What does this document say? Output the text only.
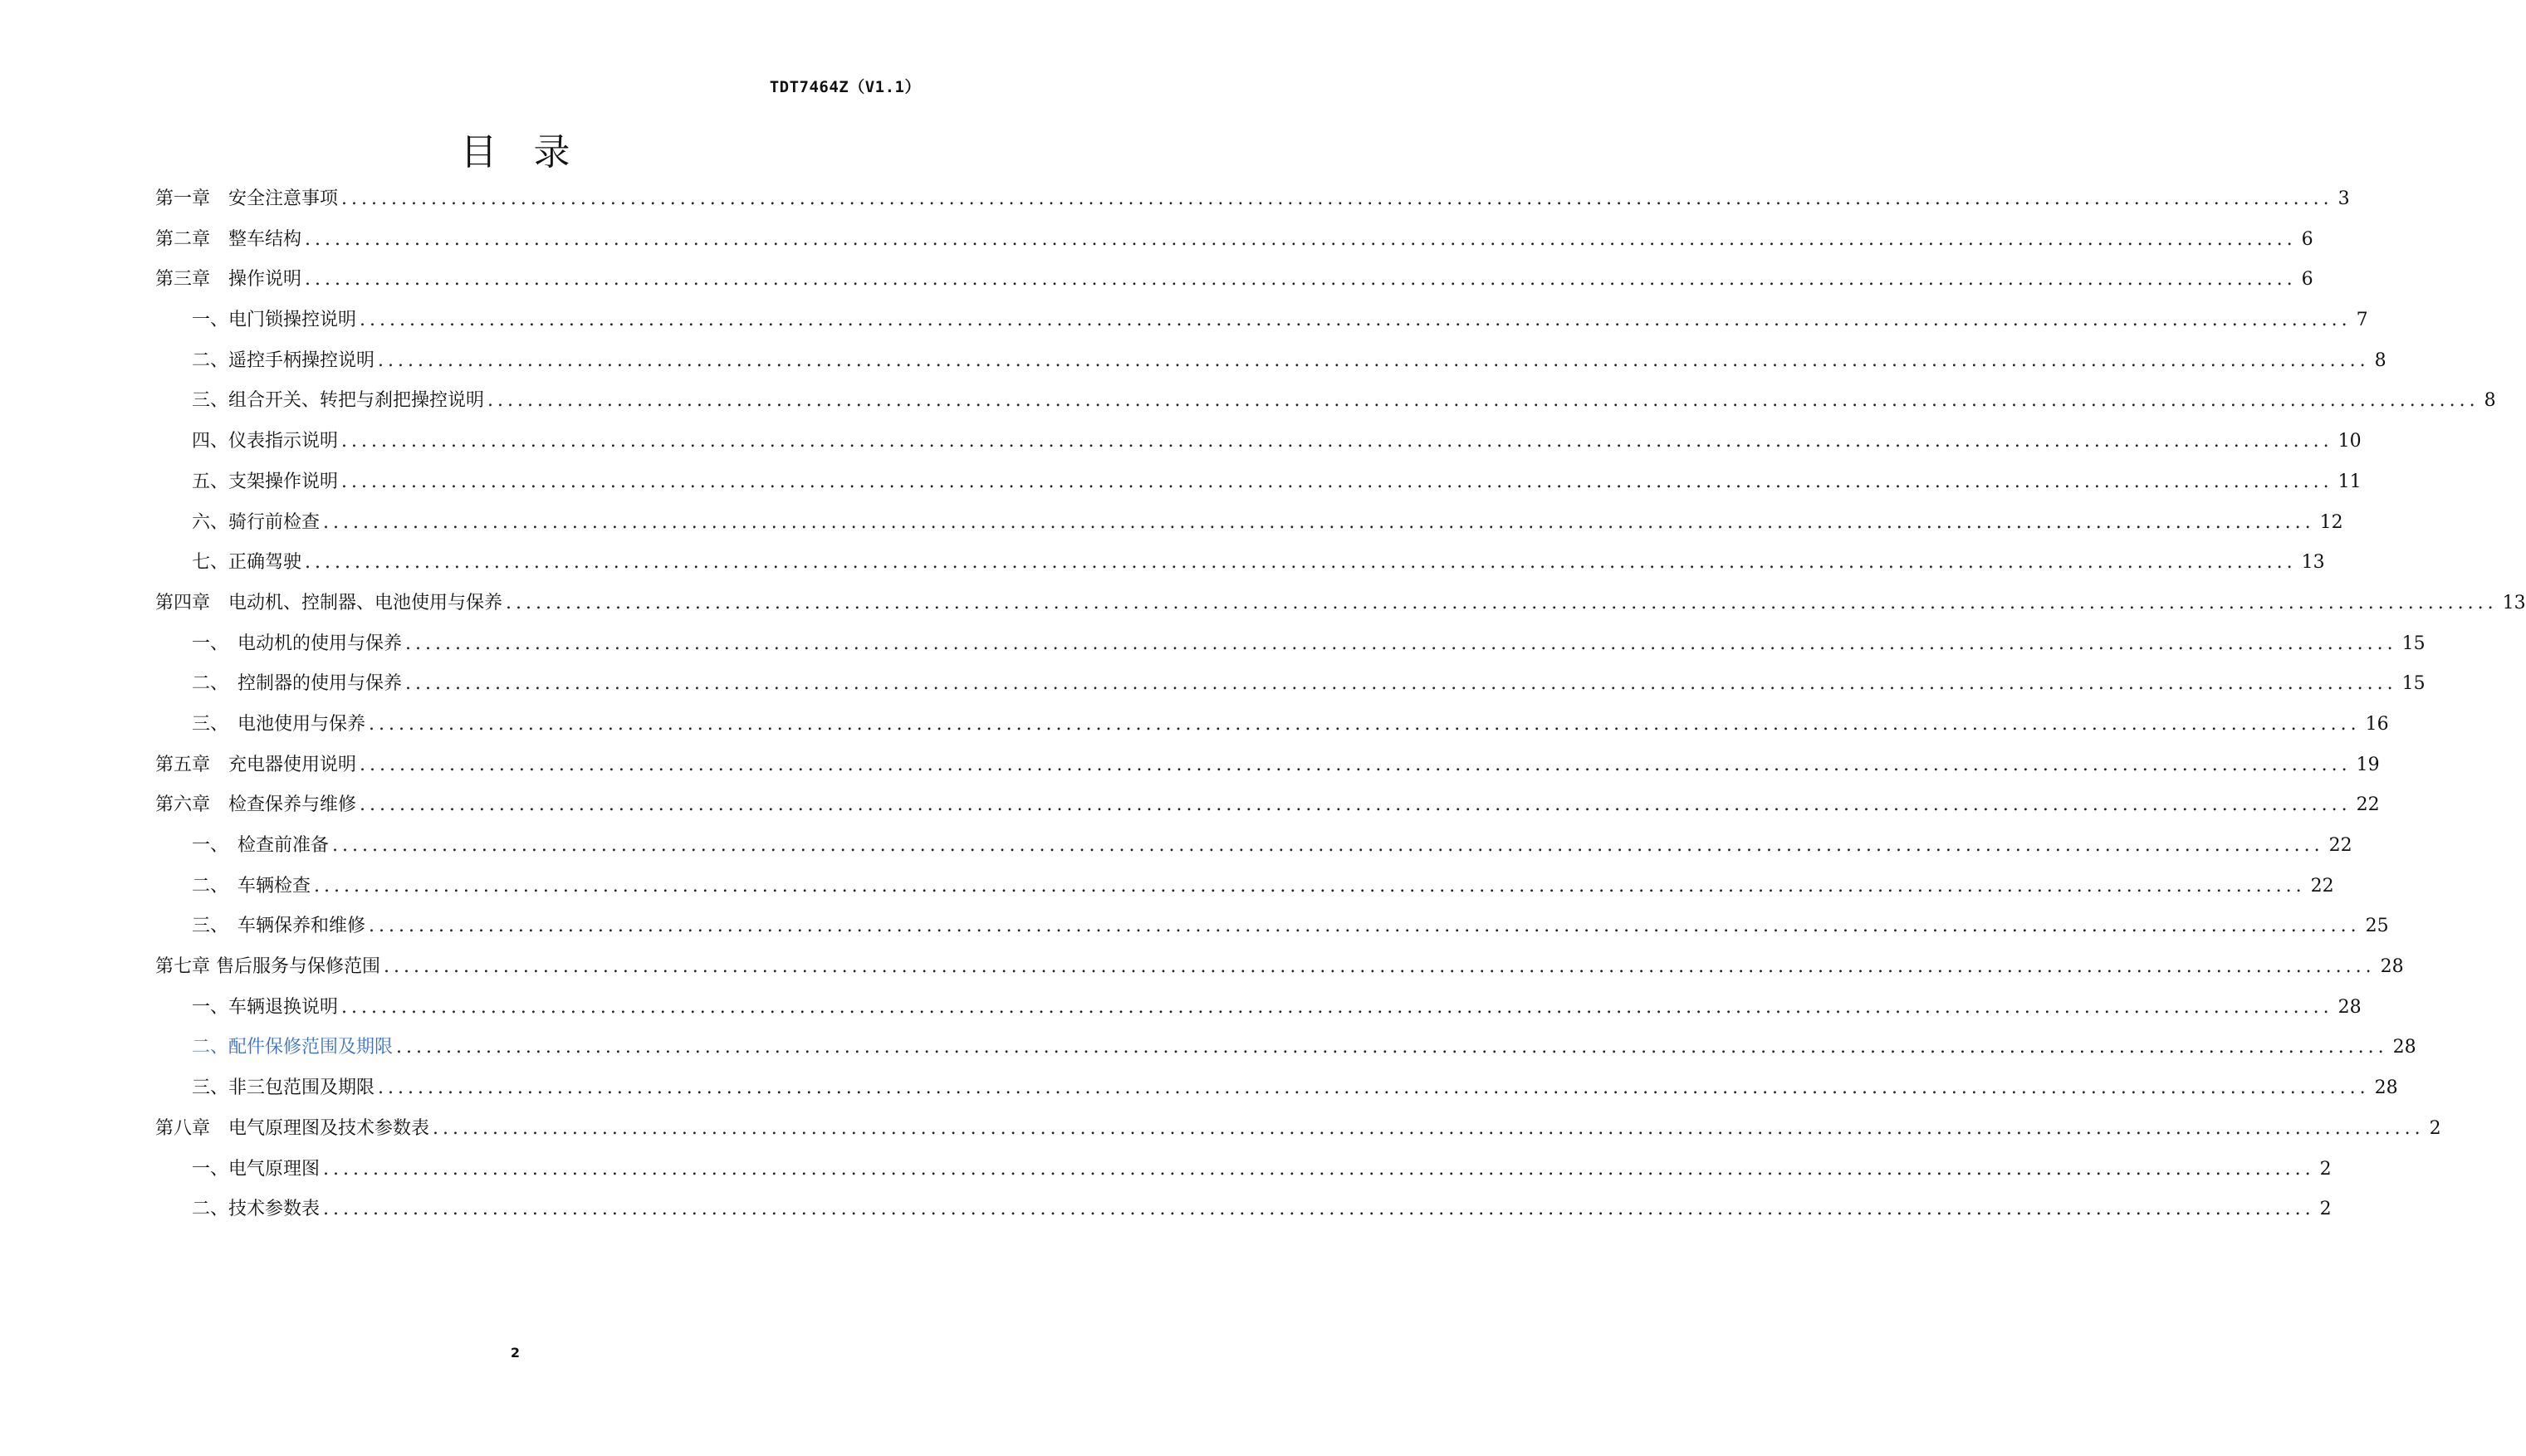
TDT7464Z（V1.1）
目录
第一章　安全注意事项 ........................................................................................................................................................................................................ 3
第二章　整车结构 ........................................................................................................................................................................................................ 6
第三章　操作说明 ........................................................................................................................................................................................................ 6
一、电门锁操控说明 ........................................................................................................................................................................................................ 7
二、遥控手柄操控说明 ........................................................................................................................................................................................................ 8
三、组合开关、转把与刹把操控说明 ........................................................................................................................................................................................................ 8
四、仪表指示说明 ........................................................................................................................................................................................................ 10
五、支架操作说明 ........................................................................................................................................................................................................ 11
六、骑行前检查 ........................................................................................................................................................................................................ 12
七、正确驾驶 ........................................................................................................................................................................................................ 13
第四章　电动机、控制器、电池使用与保养 ........................................................................................................................................................................................................ 13
一、　电动机的使用与保养 ........................................................................................................................................................................................................ 15
二、　控制器的使用与保养 ........................................................................................................................................................................................................ 15
三、　电池使用与保养 ........................................................................................................................................................................................................ 16
第五章　充电器使用说明 ........................................................................................................................................................................................................ 19
第六章　检查保养与维修 ........................................................................................................................................................................................................ 22
一、　检查前准备 ........................................................................................................................................................................................................ 22
二、　车辆检查 ........................................................................................................................................................................................................ 22
三、　车辆保养和维修 ........................................................................................................................................................................................................ 25
第七章 售后服务与保修范围 ........................................................................................................................................................................................................ 28
一、车辆退换说明 ........................................................................................................................................................................................................ 28
二、配件保修范围及期限 ........................................................................................................................................................................................................ 28
三、非三包范围及期限 ........................................................................................................................................................................................................ 28
第八章　电气原理图及技术参数表 ........................................................................................................................................................................................................ 2
一、电气原理图 ........................................................................................................................................................................................................ 2
二、技术参数表 ........................................................................................................................................................................................................ 2
2
